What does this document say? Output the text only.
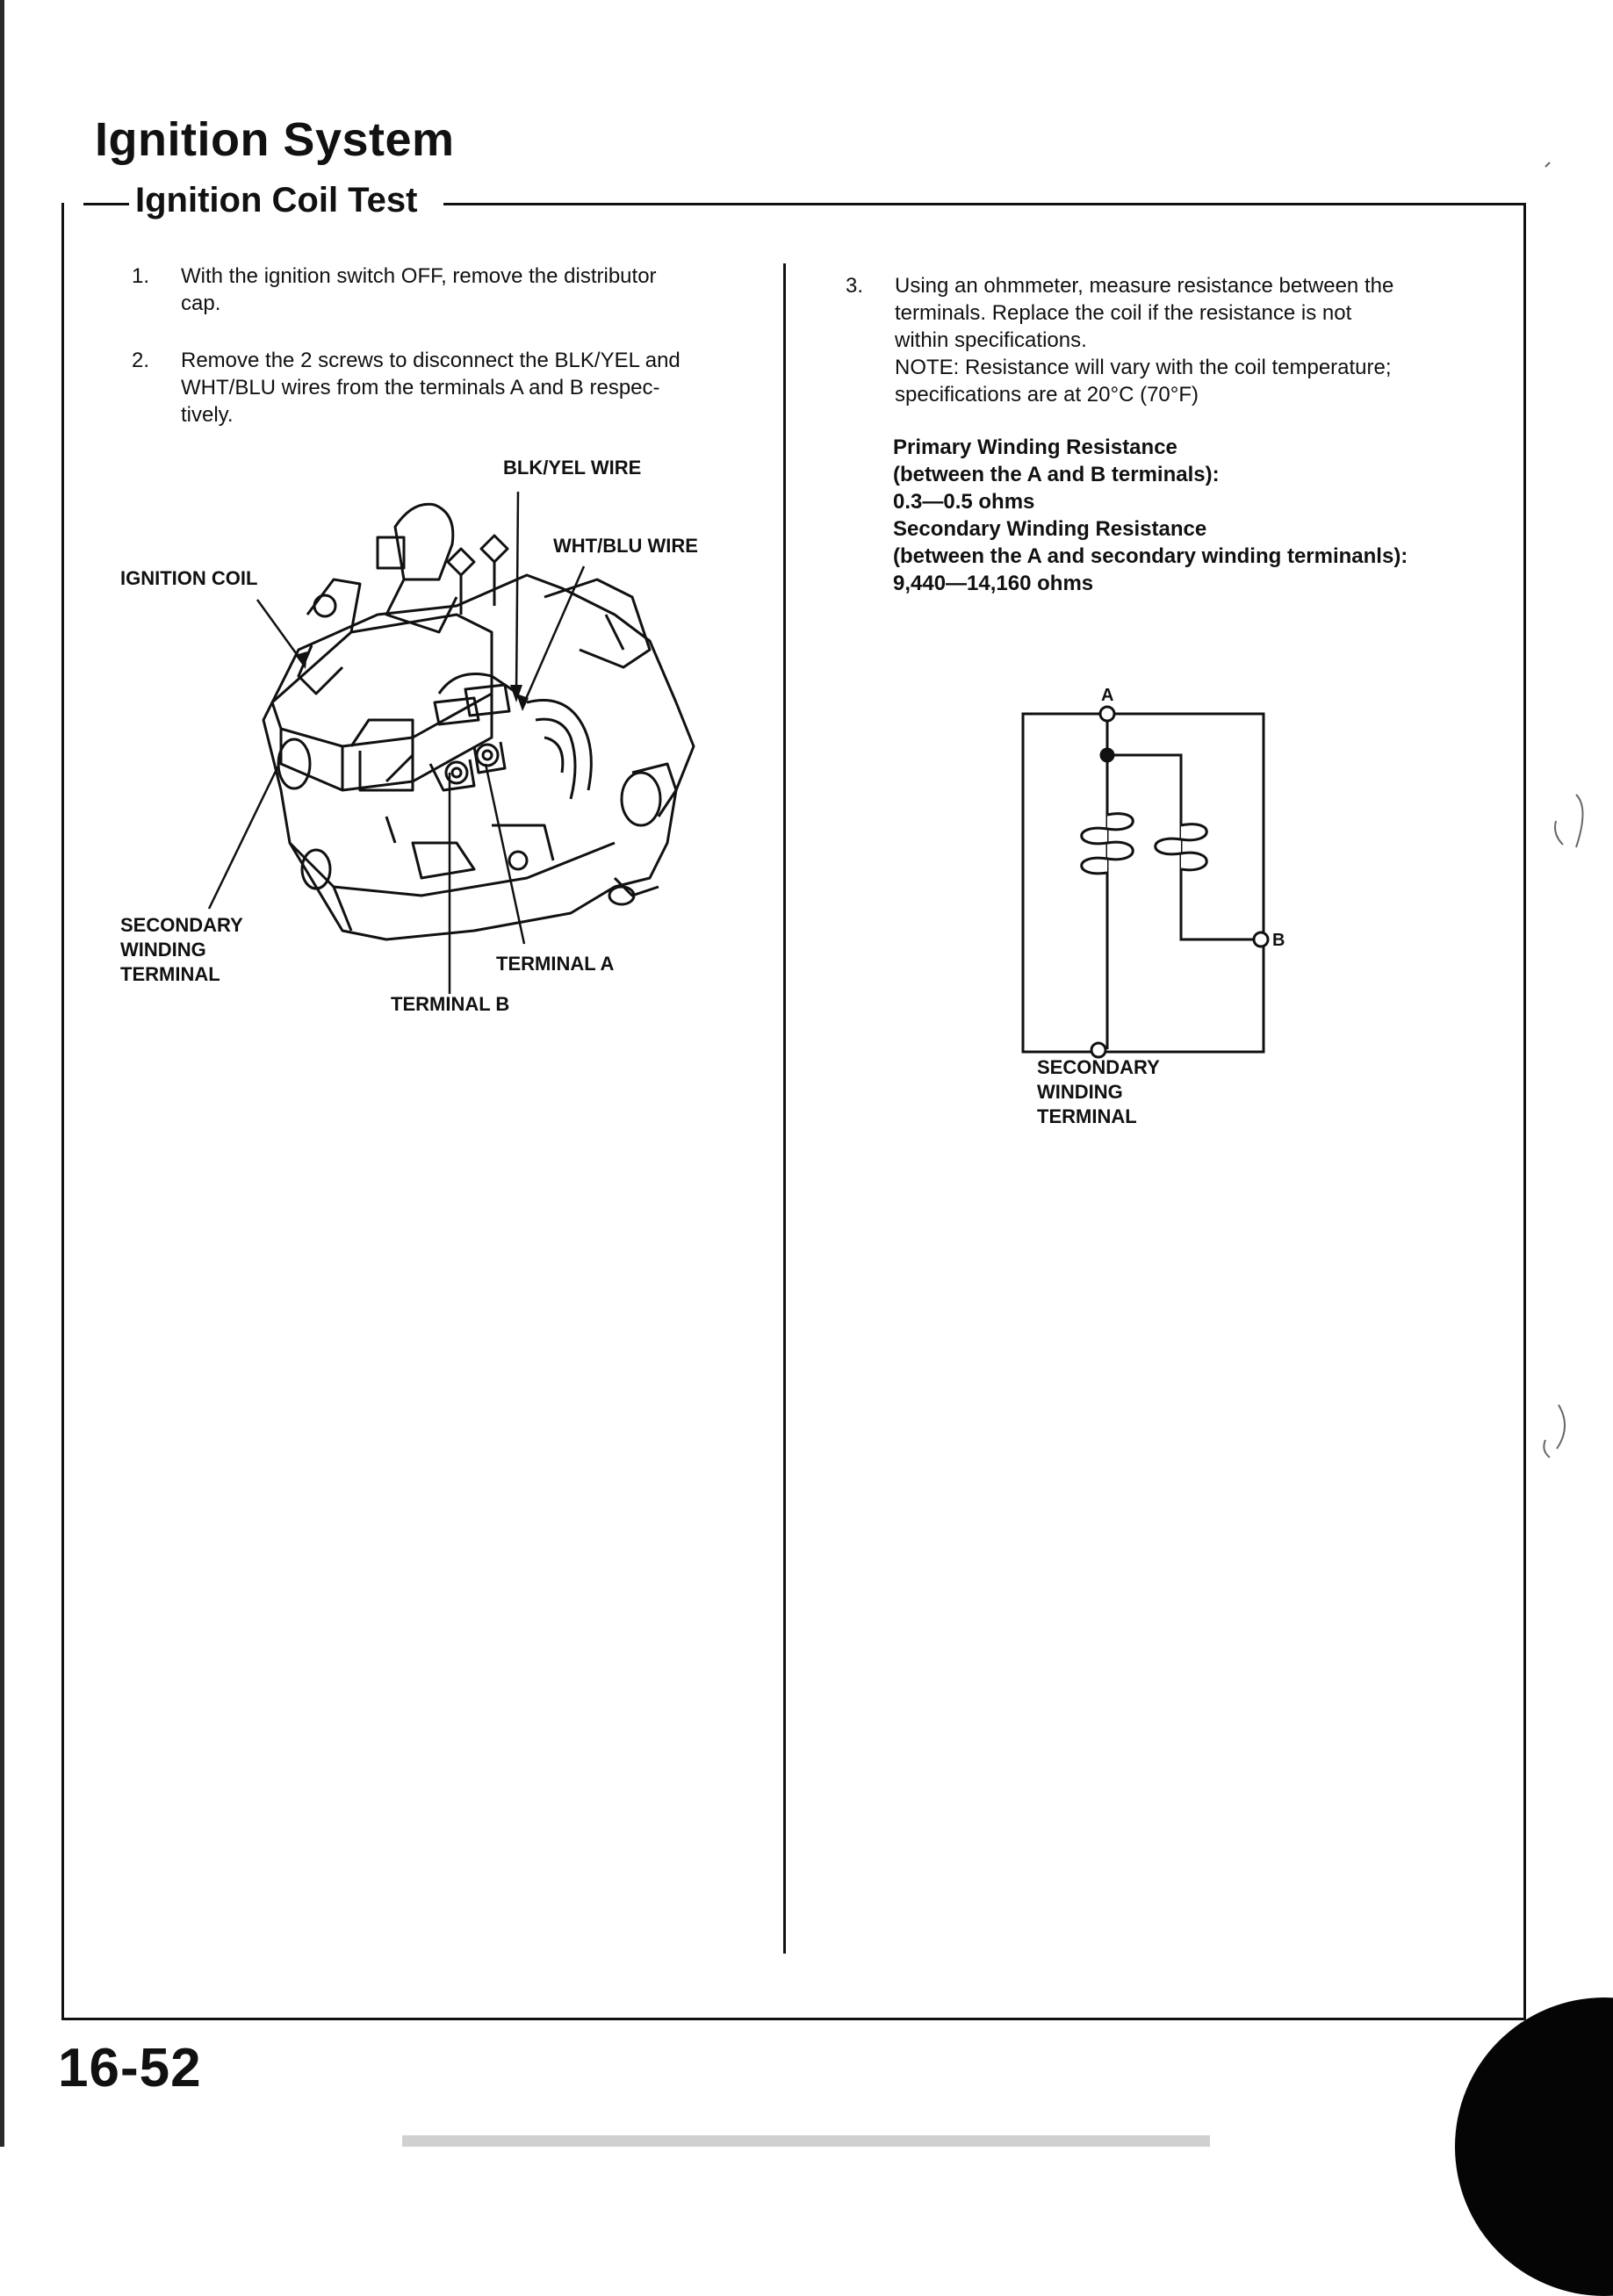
Ignition System
Ignition Coil Test
1.	With the ignition switch OFF, remove the distributor
cap.
2.	Remove the 2 screws to disconnect the BLK/YEL and
WHT/BLU wires from the terminals A and B respec-
tively.
3.	Using an ohmmeter, measure resistance between the
terminals. Replace the coil if the resistance is not
within specifications.
NOTE: Resistance will vary with the coil temperature;
specifications are at 20°C (70°F)
Primary Winding Resistance
(between the A and B terminals):
0.3—0.5 ohms
Secondary Winding Resistance
(between the A and secondary winding terminanls):
9,440—14,160 ohms
BLK/YEL WIRE
WHT/BLU WIRE
IGNITION COIL
SECONDARY
WINDING
TERMINAL	TERMINAL A
TERMINAL B
A
B
SECONDARY
WINDING
TERMINAL
16-52
